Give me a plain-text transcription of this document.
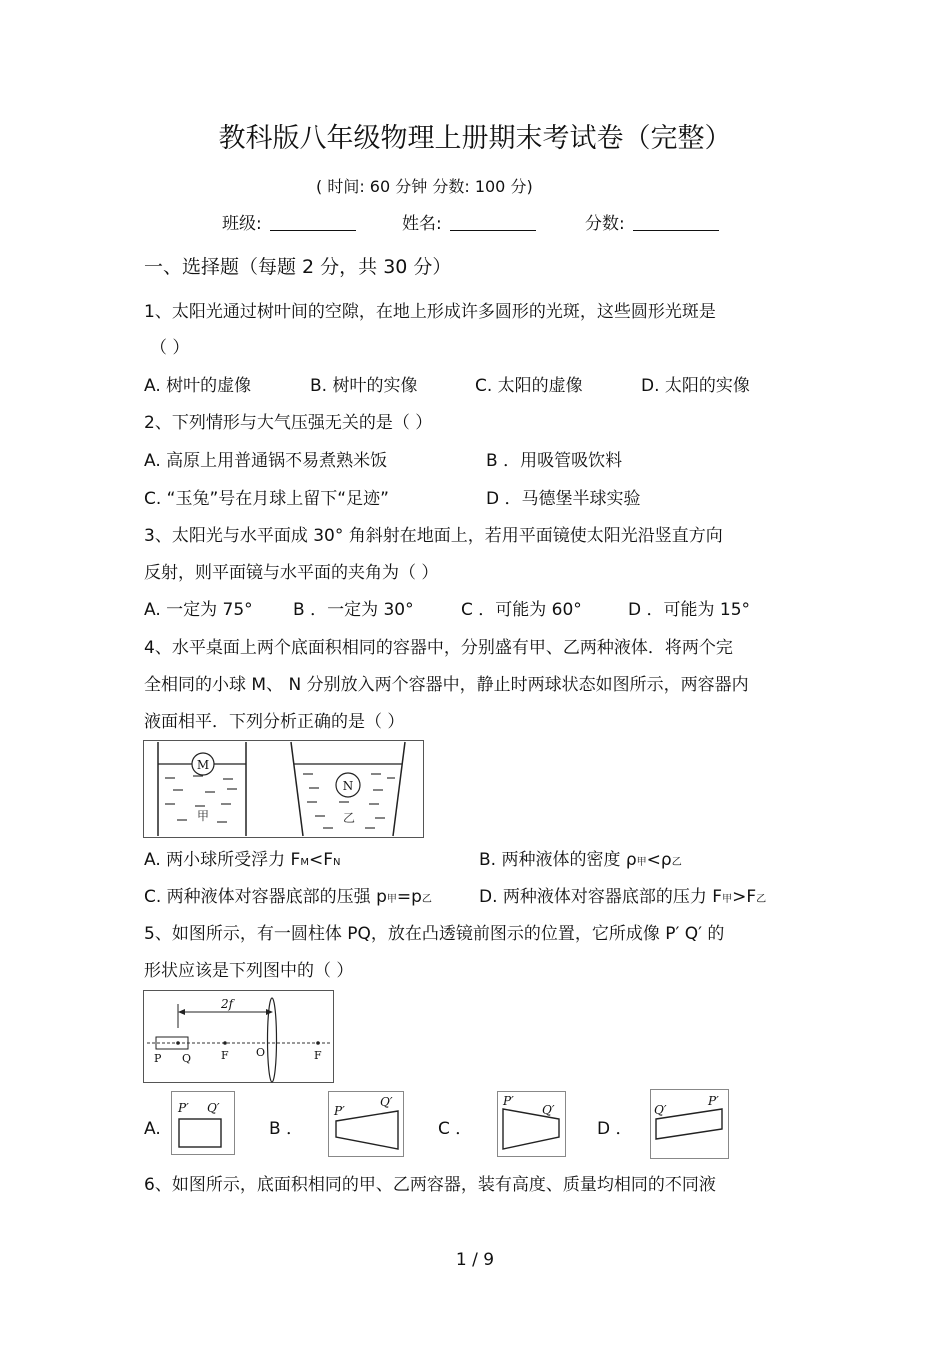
教科版八年级物理上册期末考试卷（完整）
( 时间: 60 分钟 分数: 100 分)
班级:	姓名:	分数:
一、选择题（每题 2 分，共 30 分）
1、太阳光通过树叶间的空隙，在地上形成许多圆形的光斑，这些圆形光斑是
（ ）
A. 树叶的虚像	B. 树叶的实像	C. 太阳的虚像	D. 太阳的实像
2、下列情形与大气压强无关的是（ ）
A. 高原上用普通锅不易煮熟米饭	B ．用吸管吸饮料
C. “玉兔”号在月球上留下“足迹”	D ．马德堡半球实验
3、太阳光与水平面成 30° 角斜射在地面上，若用平面镜使太阳光沿竖直方向
反射，则平面镜与水平面的夹角为（ ）
A. 一定为 75° B ．一定为 30°	C ．可能为 60°	D ．可能为 15°
4、水平桌面上两个底面积相同的容器中，分别盛有甲、乙两种液体．将两个完
全相同的小球 M、 N 分别放入两个容器中，静止时两球状态如图所示，两容器内
液面相平．下列分析正确的是（ ）
M
甲
N
乙
A. 两小球所受浮力 FM<FN	B. 两种液体的密度 ρ甲<ρ乙
C. 两种液体对容器底部的压强 p甲=p乙	D. 两种液体对容器底部的压力 F甲>F乙
5、如图所示，有一圆柱体 PQ，放在凸透镜前图示的位置，它所成像 P′ Q′ 的
形状应该是下列图中的（ ）
2f
P Q	F	F
O
A.
P′ Q′
B ．
P′
Q′
C ．
P′
Q′
D ．
Q′
P′
6、如图所示，底面积相同的甲、乙两容器，装有高度、质量均相同的不同液
1 / 9
